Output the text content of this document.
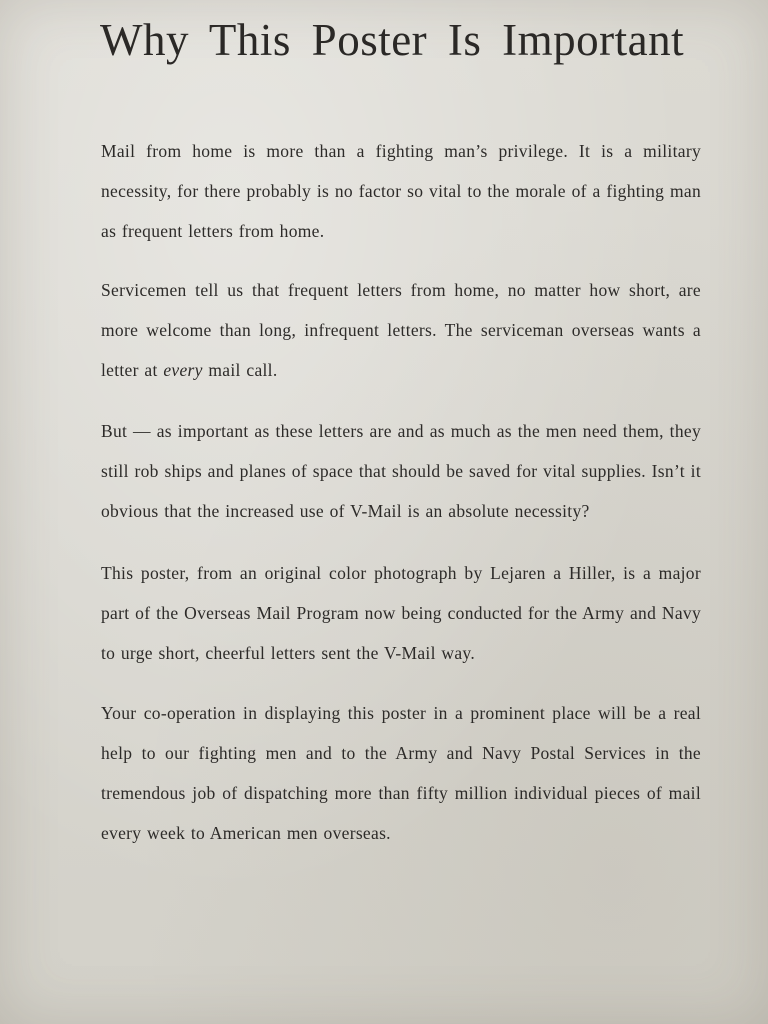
Why This Poster Is Important

Mail from home is more than a fighting man’s privilege. It is a military necessity, for there probably is no factor so vital to the morale of a fighting man as frequent letters from home.

Servicemen tell us that frequent letters from home, no matter how short, are more welcome than long, infrequent letters. The serviceman overseas wants a letter at every mail call.

But — as important as these letters are and as much as the men need them, they still rob ships and planes of space that should be saved for vital supplies. Isn’t it obvious that the increased use of V-Mail is an absolute necessity?

This poster, from an original color photograph by Lejaren a Hiller, is a major part of the Overseas Mail Program now being conducted for the Army and Navy to urge short, cheerful letters sent the V-Mail way.

Your co-operation in displaying this poster in a prominent place will be a real help to our fighting men and to the Army and Navy Postal Services in the tremendous job of dispatching more than fifty million individual pieces of mail every week to American men overseas.
